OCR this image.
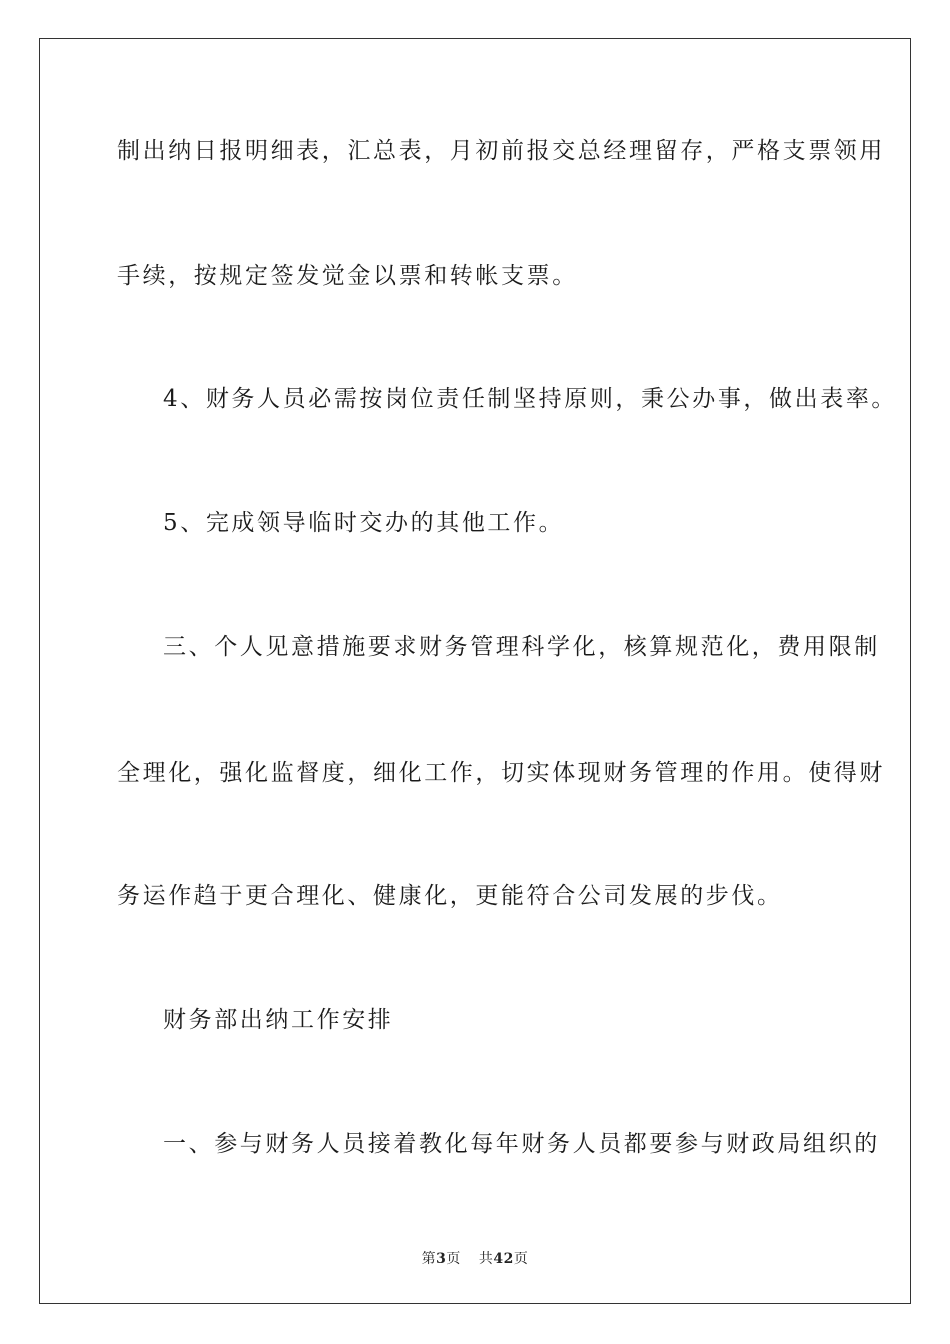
制出纳日报明细表，汇总表，月初前报交总经理留存，严格支票领用
手续，按规定签发觉金以票和转帐支票。
4、财务人员必需按岗位责任制坚持原则，秉公办事，做出表率。
5、完成领导临时交办的其他工作。
三、个人见意措施要求财务管理科学化，核算规范化，费用限制
全理化，强化监督度，细化工作，切实体现财务管理的作用。使得财
务运作趋于更合理化、健康化，更能符合公司发展的步伐。
财务部出纳工作安排
一、参与财务人员接着教化每年财务人员都要参与财政局组织的
第3页 共42页
